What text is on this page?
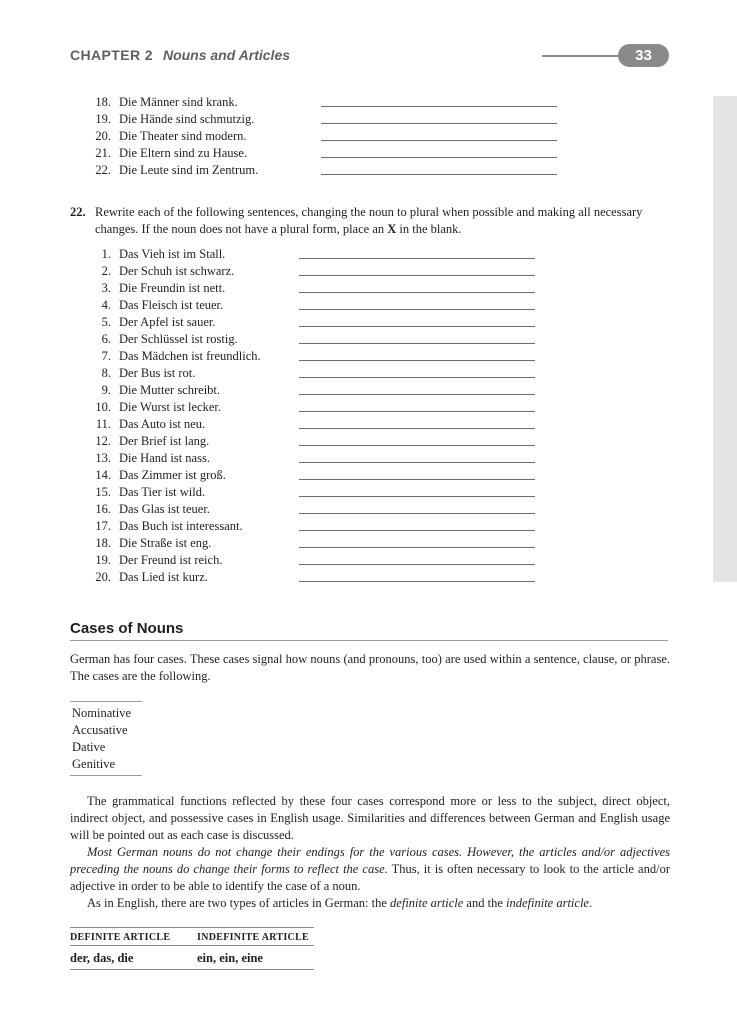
CHAPTER 2 Nouns and Articles	33
18. Die Männer sind krank.
19. Die Hände sind schmutzig.
20. Die Theater sind modern.
21. Die Eltern sind zu Hause.
22. Die Leute sind im Zentrum.
22. Rewrite each of the following sentences, changing the noun to plural when possible and making all necessary changes. If the noun does not have a plural form, place an X in the blank.
1. Das Vieh ist im Stall.
2. Der Schuh ist schwarz.
3. Die Freundin ist nett.
4. Das Fleisch ist teuer.
5. Der Apfel ist sauer.
6. Der Schlüssel ist rostig.
7. Das Mädchen ist freundlich.
8. Der Bus ist rot.
9. Die Mutter schreibt.
10. Die Wurst ist lecker.
11. Das Auto ist neu.
12. Der Brief ist lang.
13. Die Hand ist nass.
14. Das Zimmer ist groß.
15. Das Tier ist wild.
16. Das Glas ist teuer.
17. Das Buch ist interessant.
18. Die Straße ist eng.
19. Der Freund ist reich.
20. Das Lied ist kurz.
Cases of Nouns
German has four cases. These cases signal how nouns (and pronouns, too) are used within a sentence, clause, or phrase. The cases are the following.
Nominative
Accusative
Dative
Genitive
The grammatical functions reflected by these four cases correspond more or less to the subject, direct object, indirect object, and possessive cases in English usage. Similarities and differences between German and English usage will be pointed out as each case is discussed.
Most German nouns do not change their endings for the various cases. However, the articles and/or adjectives preceding the nouns do change their forms to reflect the case. Thus, it is often necessary to look to the article and/or adjective in order to be able to identify the case of a noun.
As in English, there are two types of articles in German: the definite article and the indefinite article.
DEFINITE ARTICLE	INDEFINITE ARTICLE
der, das, die	ein, ein, eine
